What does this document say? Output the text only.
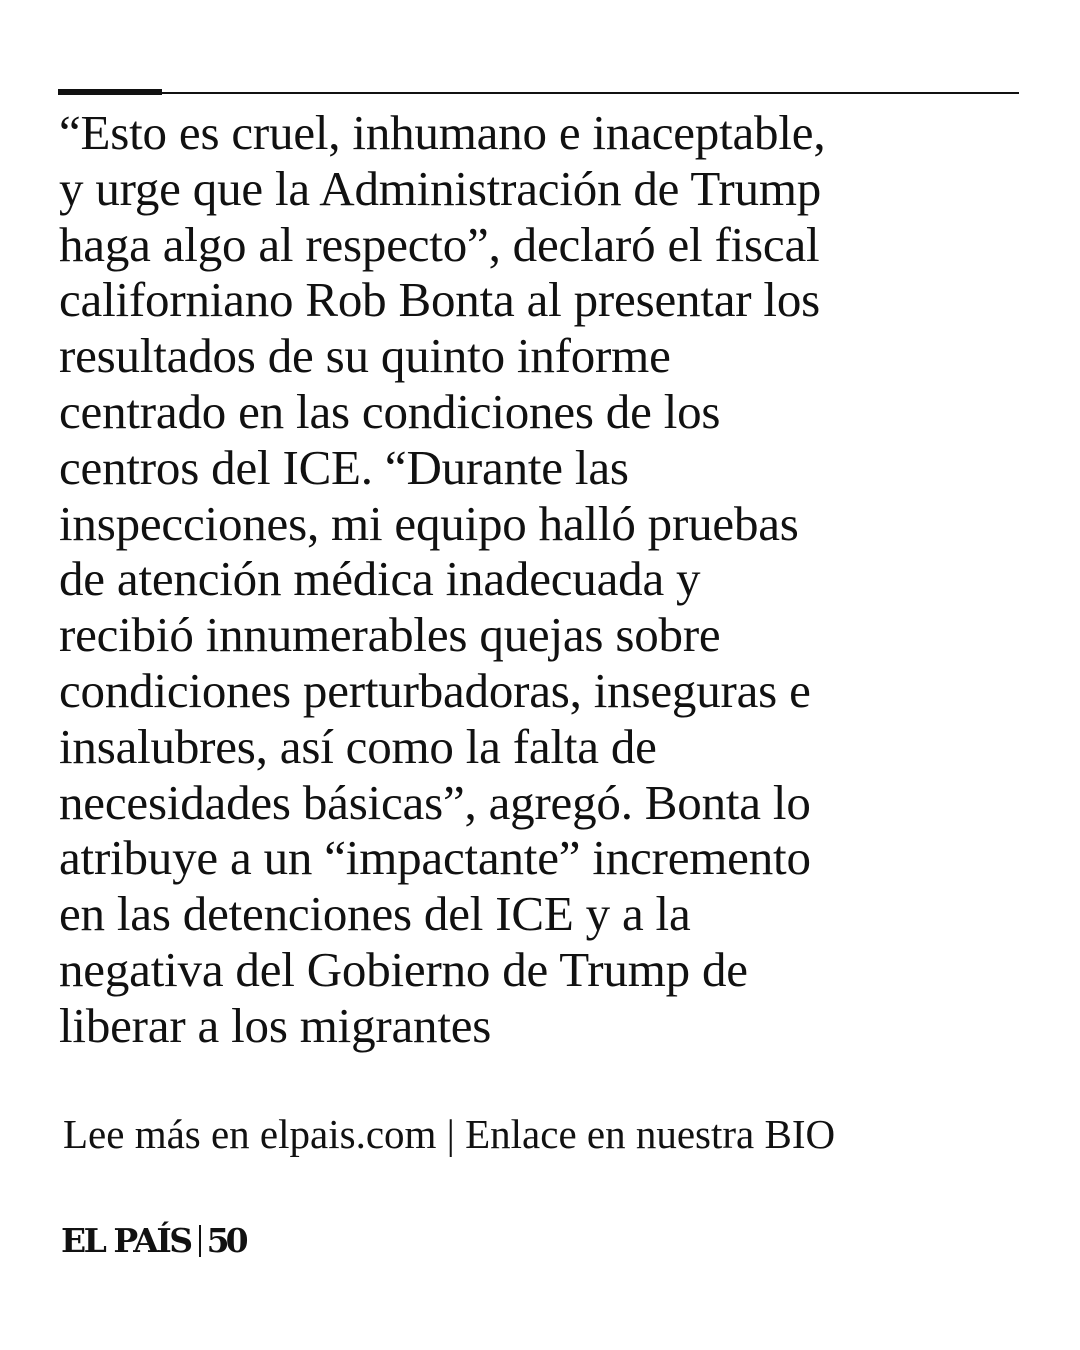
“Esto es cruel, inhumano e inaceptable,
y urge que la Administración de Trump
haga algo al respecto”, declaró el fiscal
californiano Rob Bonta al presentar los
resultados de su quinto informe
centrado en las condiciones de los
centros del ICE. “Durante las
inspecciones, mi equipo halló pruebas
de atención médica inadecuada y
recibió innumerables quejas sobre
condiciones perturbadoras, inseguras e
insalubres, así como la falta de
necesidades básicas”, agregó. Bonta lo
atribuye a un “impactante” incremento
en las detenciones del ICE y a la
negativa del Gobierno de Trump de
liberar a los migrantes
Lee más en elpais.com | Enlace en nuestra BIO
EL PAÍS 50
